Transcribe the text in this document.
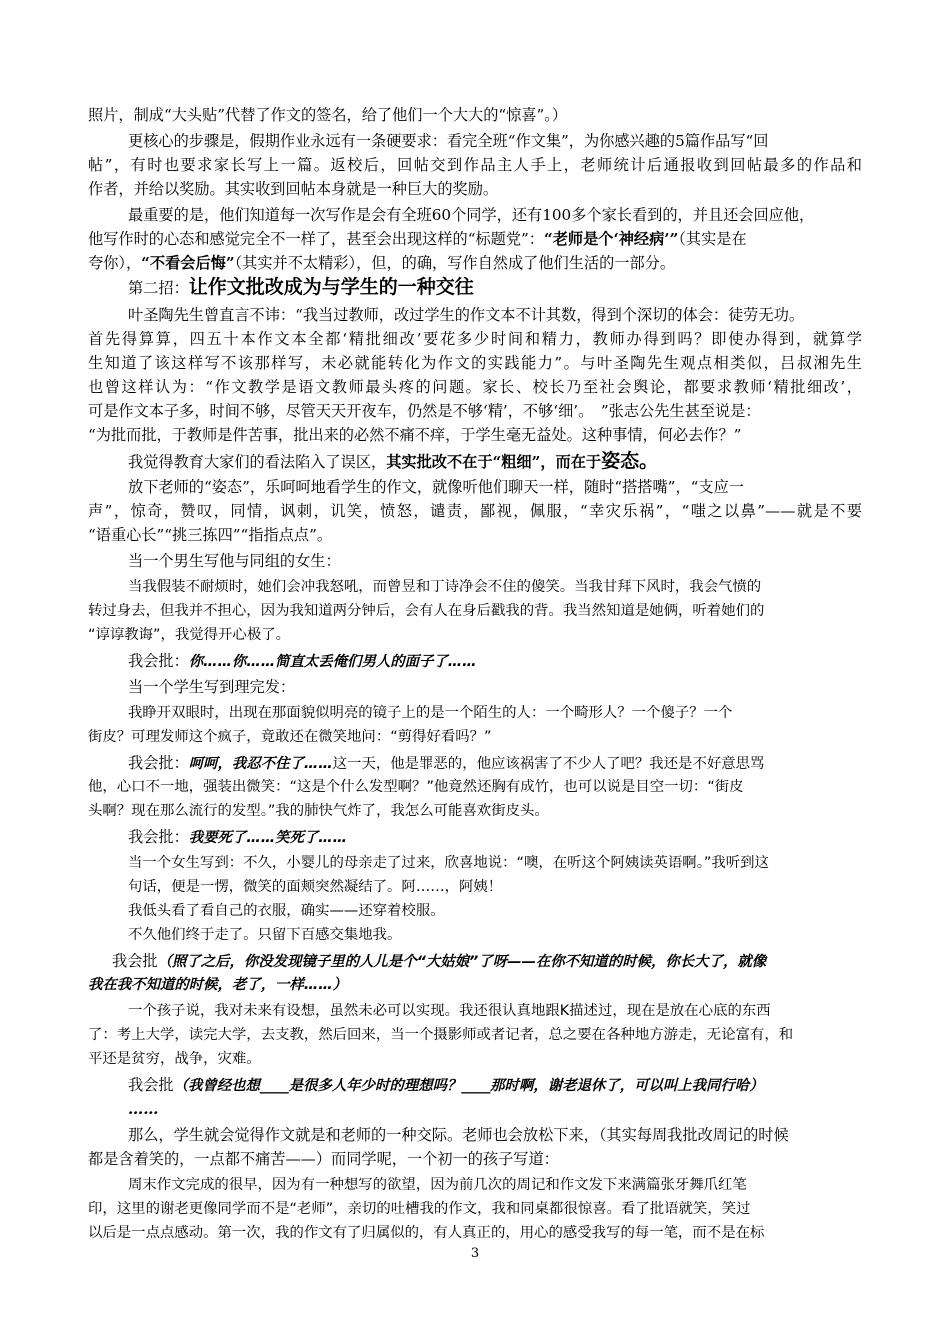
照片，制成“大头贴”代替了作文的签名，给了他们一个大大的“惊喜”。）
更核心的步骤是，假期作业永远有一条硬要求：看完全班“作文集”，为你感兴趣的5篇作品写“回
帖”，有时也要求家长写上一篇。返校后，回帖交到作品主人手上，老师统计后通报收到回帖最多的作品和
作者，并给以奖励。其实收到回帖本身就是一种巨大的奖励。
最重要的是，他们知道每一次写作是会有全班60个同学，还有100多个家长看到的，并且还会回应他，
他写作时的心态和感觉完全不一样了，甚至会出现这样的“标题党”：“老师是个‘神经病’”（其实是在
夸你），“不看会后悔”（其实并不太精彩），但，的确，写作自然成了他们生活的一部分。
第二招：让作文批改成为与学生的一种交往
叶圣陶先生曾直言不讳：“我当过教师，改过学生的作文本不计其数，得到个深切的体会：徒劳无功。
首先得算算，四五十本作文本全都‘精批细改’要花多少时间和精力，教师办得到吗？即使办得到，就算学
生知道了该这样写不该那样写，未必就能转化为作文的实践能力”。与叶圣陶先生观点相类似，吕叔湘先生
也曾这样认为：“作文教学是语文教师最头疼的问题。家长、校长乃至社会舆论，都要求教师‘精批细改’，
可是作文本子多，时间不够，尽管天天开夜车，仍然是不够‘精’，不够‘细’。　”张志公先生甚至说是：
“为批而批，于教师是件苦事，批出来的必然不痛不痒，于学生毫无益处。这种事情，何必去作？”
我觉得教育大家们的看法陷入了误区，其实批改不在于“粗细”，而在于姿态。
放下老师的“姿态”，乐呵呵地看学生的作文，就像听他们聊天一样，随时“搭搭嘴”，“支应一
声”，惊奇，赞叹，同情，讽刺，讥笑，愤怒，谴责，鄙视，佩服，“幸灾乐祸”，“嗤之以鼻”——就是不要
“语重心长”“挑三拣四”“指指点点”。
当一个男生写他与同组的女生：
当我假装不耐烦时，她们会冲我怒吼，而曾昱和丁诗净会不住的傻笑。当我甘拜下风时，我会气愤的
转过身去，但我并不担心，因为我知道两分钟后，会有人在身后戳我的背。我当然知道是她俩，听着她们的
“谆谆教诲”，我觉得开心极了。
我会批：你……你……简直太丢俺们男人的面子了……
当一个学生写到理完发：
我睁开双眼时，出现在那面貌似明亮的镜子上的是一个陌生的人：一个畸形人？一个傻子？一个
街皮？可理发师这个疯子，竟敢还在微笑地问：“剪得好看吗？”
我会批：呵呵，我忍不住了……这一天，他是罪恶的，他应该祸害了不少人了吧？我还是不好意思骂
他，心口不一地，强装出微笑：“这是个什么发型啊？”他竟然还胸有成竹，也可以说是目空一切：“街皮
头啊？现在那么流行的发型。”我的肺快气炸了，我怎么可能喜欢街皮头。
我会批：我要死了……笑死了……
当一个女生写到：不久，小婴儿的母亲走了过来，欣喜地说：“噢，在听这个阿姨读英语啊。”我听到这
句话，便是一愣，微笑的面颊突然凝结了。阿……，阿姨！
我低头看了看自己的衣服，确实——还穿着校服。
不久他们终于走了。只留下百感交集地我。
我会批（照了之后，你没发现镜子里的人儿是个“大姑娘”了呀——在你不知道的时候，你长大了，就像
我在我不知道的时候，老了，一样……）
一个孩子说，我对未来有设想，虽然未必可以实现。我还很认真地跟K描述过，现在是放在心底的东西
了：考上大学，读完大学，去支教，然后回来，当一个摄影师或者记者，总之要在各种地方游走，无论富有，和
平还是贫穷，战争，灾难。
我会批（我曾经也想____是很多人年少时的理想吗？____那时啊，谢老退休了，可以叫上我同行哈）
……
那么，学生就会觉得作文就是和老师的一种交际。老师也会放松下来，（其实每周我批改周记的时候
都是含着笑的，一点都不痛苦——）而同学呢，一个初一的孩子写道：
周末作文完成的很早，因为有一种想写的欲望，因为前几次的周记和作文发下来满篇张牙舞爪红笔
印，这里的谢老更像同学而不是“老师”，亲切的吐槽我的作文，我和同桌都很惊喜。看了批语就笑，笑过
以后是一点点感动。第一次，我的作文有了归属似的，有人真正的，用心的感受我写的每一笔，而不是在标
3
